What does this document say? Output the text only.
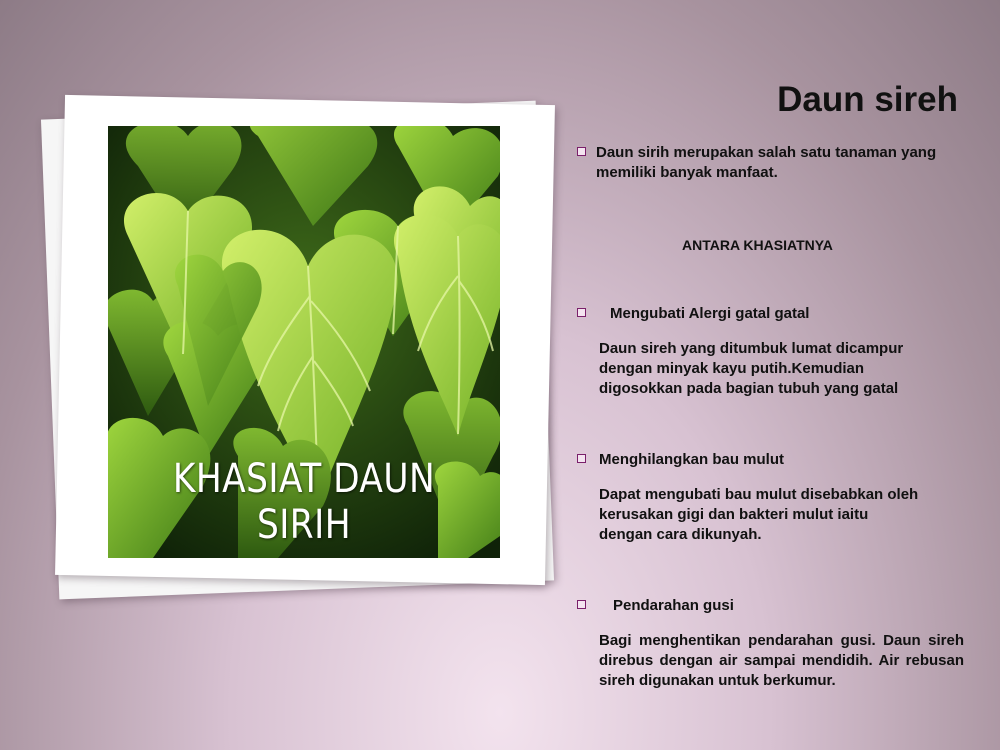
KHASIAT DAUN SIRIH
Daun sireh
Daun sirih merupakan salah satu tanaman yang memiliki banyak manfaat.
ANTARA KHASIATNYA
Mengubati Alergi gatal gatal
Daun sireh yang ditumbuk lumat dicampur
dengan minyak kayu putih.Kemudian
digosokkan pada bagian tubuh yang gatal
Menghilangkan bau mulut
Dapat mengubati bau mulut disebabkan oleh
kerusakan gigi dan bakteri mulut iaitu
dengan cara dikunyah.
Pendarahan gusi
Bagi menghentikan pendarahan gusi. Daun sireh direbus dengan air sampai mendidih. Air rebusan sireh digunakan untuk berkumur.
